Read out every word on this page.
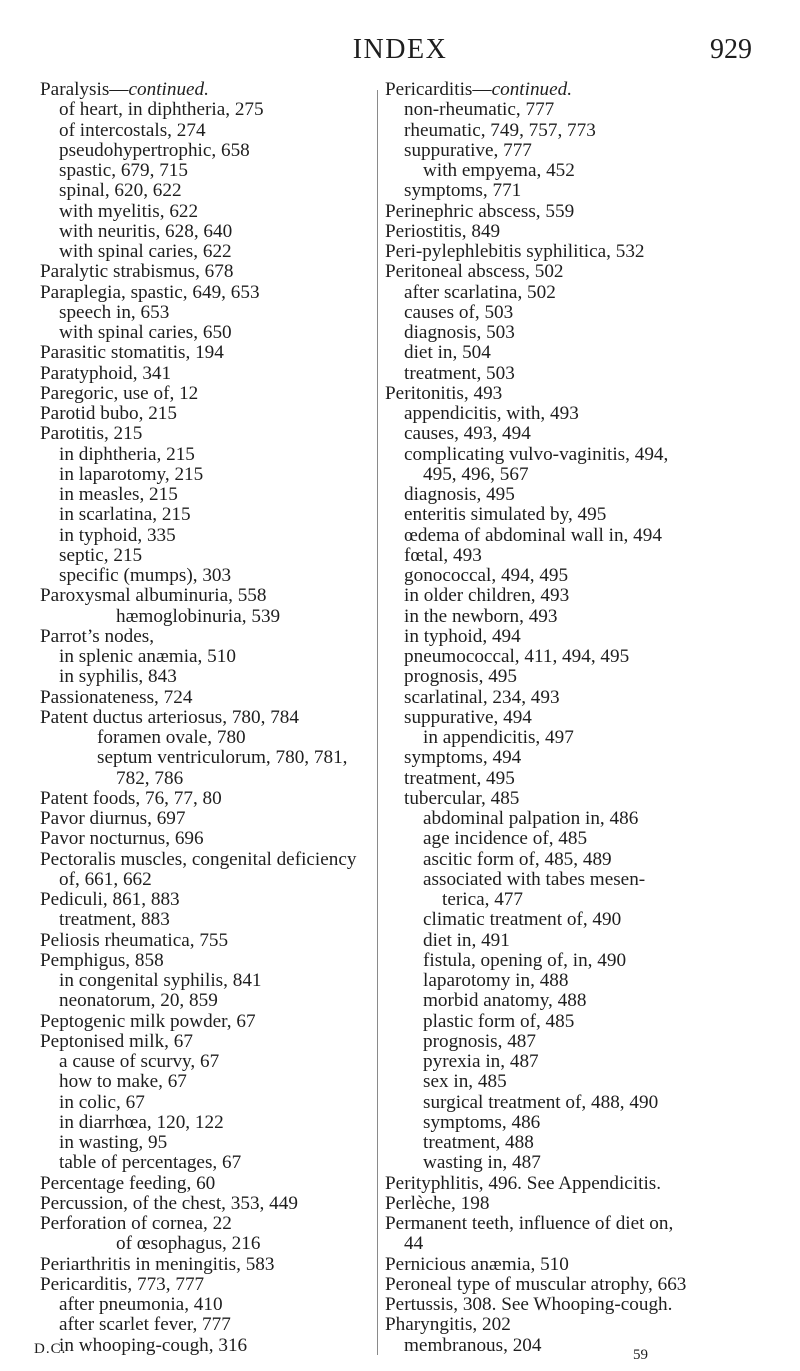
INDEX	929
Paralysis—continued.
of heart, in diphtheria, 275
of intercostals, 274
pseudohypertrophic, 658
spastic, 679, 715
spinal, 620, 622
with myelitis, 622
with neuritis, 628, 640
with spinal caries, 622
Paralytic strabismus, 678
Paraplegia, spastic, 649, 653
speech in, 653
with spinal caries, 650
Parasitic stomatitis, 194
Paratyphoid, 341
Paregoric, use of, 12
Parotid bubo, 215
Parotitis, 215
in diphtheria, 215
in laparotomy, 215
in measles, 215
in scarlatina, 215
in typhoid, 335
septic, 215
specific (mumps), 303
Paroxysmal albuminuria, 558
hæmoglobinuria, 539
Parrot’s nodes,
in splenic anæmia, 510
in syphilis, 843
Passionateness, 724
Patent ductus arteriosus, 780, 784
foramen ovale, 780
septum ventriculorum, 780, 781,
782, 786
Patent foods, 76, 77, 80
Pavor diurnus, 697
Pavor nocturnus, 696
Pectoralis muscles, congenital deficiency
of, 661, 662
Pediculi, 861, 883
treatment, 883
Peliosis rheumatica, 755
Pemphigus, 858
in congenital syphilis, 841
neonatorum, 20, 859
Peptogenic milk powder, 67
Peptonised milk, 67
a cause of scurvy, 67
how to make, 67
in colic, 67
in diarrhœa, 120, 122
in wasting, 95
table of percentages, 67
Percentage feeding, 60
Percussion, of the chest, 353, 449
Perforation of cornea, 22
of œsophagus, 216
Periarthritis in meningitis, 583
Pericarditis, 773, 777
after pneumonia, 410
after scarlet fever, 777
in whooping-cough, 316
Pericarditis—continued.
non-rheumatic, 777
rheumatic, 749, 757, 773
suppurative, 777
with empyema, 452
symptoms, 771
Perinephric abscess, 559
Periostitis, 849
Peri-pylephlebitis syphilitica, 532
Peritoneal abscess, 502
after scarlatina, 502
causes of, 503
diagnosis, 503
diet in, 504
treatment, 503
Peritonitis, 493
appendicitis, with, 493
causes, 493, 494
complicating vulvo-vaginitis, 494,
495, 496, 567
diagnosis, 495
enteritis simulated by, 495
œdema of abdominal wall in, 494
fœtal, 493
gonococcal, 494, 495
in older children, 493
in the newborn, 493
in typhoid, 494
pneumococcal, 411, 494, 495
prognosis, 495
scarlatinal, 234, 493
suppurative, 494
in appendicitis, 497
symptoms, 494
treatment, 495
tubercular, 485
abdominal palpation in, 486
age incidence of, 485
ascitic form of, 485, 489
associated with tabes mesen-
terica, 477
climatic treatment of, 490
diet in, 491
fistula, opening of, in, 490
laparotomy in, 488
morbid anatomy, 488
plastic form of, 485
prognosis, 487
pyrexia in, 487
sex in, 485
surgical treatment of, 488, 490
symptoms, 486
treatment, 488
wasting in, 487
Perityphlitis, 496. See Appendicitis.
Perlèche, 198
Permanent teeth, influence of diet on,
44
Pernicious anæmia, 510
Peroneal type of muscular atrophy, 663
Pertussis, 308. See Whooping-cough.
Pharyngitis, 202
membranous, 204
D.C.	59
